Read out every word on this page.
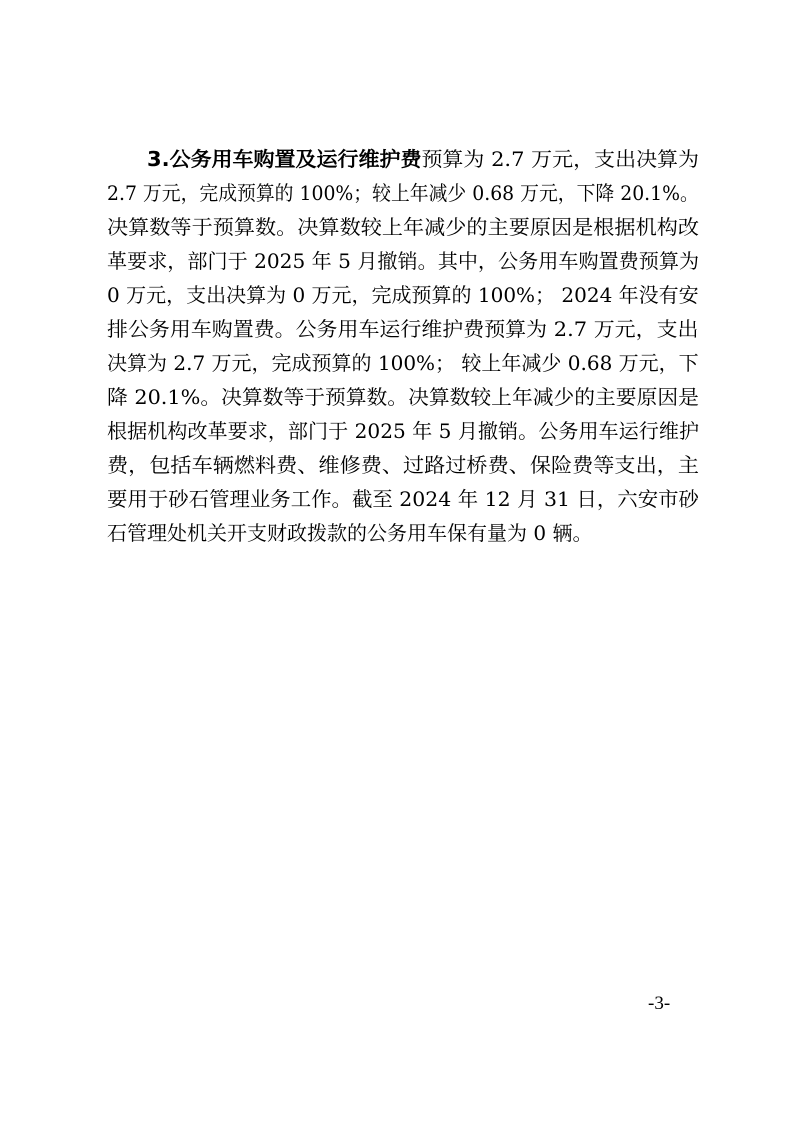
3.公务用车购置及运行维护费预算为 2.7 万元，支出决算为
2.7 万元，完成预算的 100%；较上年减少 0.68 万元，下降 20.1%。
决算数等于预算数。决算数较上年减少的主要原因是根据机构改
革要求，部门于 2025 年 5 月撤销。其中，公务用车购置费预算为
0 万元，支出决算为 0 万元，完成预算的 100%； 2024 年没有安
排公务用车购置费。公务用车运行维护费预算为 2.7 万元，支出
决算为 2.7 万元，完成预算的 100%； 较上年减少 0.68 万元，下
降 20.1%。决算数等于预算数。决算数较上年减少的主要原因是
根据机构改革要求，部门于 2025 年 5 月撤销。公务用车运行维护
费，包括车辆燃料费、维修费、过路过桥费、保险费等支出，主
要用于砂石管理业务工作。截至 2024 年 12 月 31 日，六安市砂
石管理处机关开支财政拨款的公务用车保有量为 0 辆。
-3-
